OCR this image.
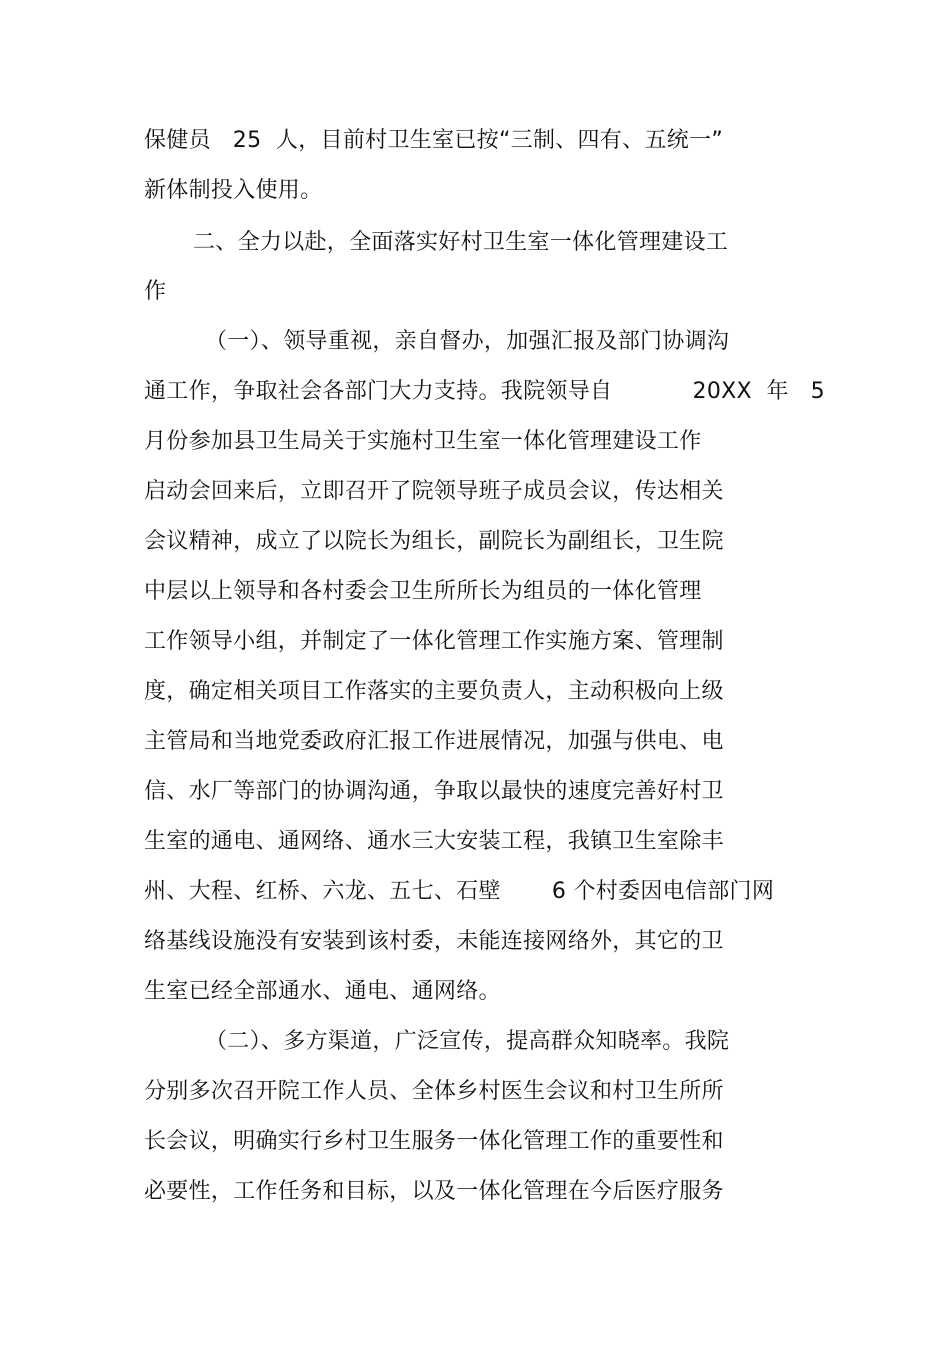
保健员   25  人，目前村卫生室已按“三制、四有、五统一”
新体制投入使用。
二、全力以赴，全面落实好村卫生室一体化管理建设工
作
（一）、领导重视，亲自督办，加强汇报及部门协调沟
通工作，争取社会各部门大力支持。我院领导自           20XX  年   5
月份参加县卫生局关于实施村卫生室一体化管理建设工作
启动会回来后，立即召开了院领导班子成员会议，传达相关
会议精神，成立了以院长为组长，副院长为副组长，卫生院
中层以上领导和各村委会卫生所所长为组员的一体化管理
工作领导小组，并制定了一体化管理工作实施方案、管理制
度，确定相关项目工作落实的主要负责人，主动积极向上级
主管局和当地党委政府汇报工作进展情况，加强与供电、电
信、水厂等部门的协调沟通，争取以最快的速度完善好村卫
生室的通电、通网络、通水三大安装工程，我镇卫生室除丰
州、大程、红桥、六龙、五七、石壁       6 个村委因电信部门网
络基线设施没有安装到该村委，未能连接网络外，其它的卫
生室已经全部通水、通电、通网络。
（二）、多方渠道，广泛宣传，提高群众知晓率。我院
分别多次召开院工作人员、全体乡村医生会议和村卫生所所
长会议，明确实行乡村卫生服务一体化管理工作的重要性和
必要性，工作任务和目标，以及一体化管理在今后医疗服务
